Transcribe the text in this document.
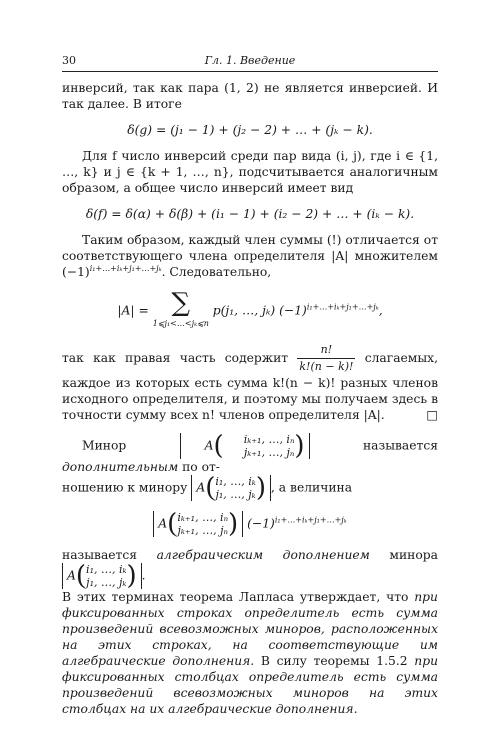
30	Гл. 1. Введение

инверсий, так как пара (1, 2) не является инверсией. И так далее. В итоге

δ(g) = (j₁ − 1) + (j₂ − 2) + … + (jₖ − k).

Для f число инверсий среди пар вида (i, j), где i ∈ {1, …, k} и j ∈ {k + 1, …, n}, подсчитывается аналогичным образом, а общее число инверсий имеет вид

δ(f) = δ(α) + δ(β) + (i₁ − 1) + (i₂ − 2) + … + (iₖ − k).

Таким образом, каждый член суммы (!) отличается от соответствующего члена определителя |A| множителем $(-1)^{i_1+\dots+i_k+j_1+\dots+j_k}$. Следовательно,

|A| = ∑
1⩽j₁<…<jₖ⩽n
p(j₁, …, jₖ) $(-1)^{i_1+\dots+i_k+j_1+\dots+j_k}$,

так как правая часть содержит $\frac{n!}{k!(n - k)!}$ слагаемых, каждое из которых есть сумма k!(n − k)! разных членов исходного определителя, и поэтому мы получаем здесь в точности сумму всех n! членов определителя |A|.	□

Минор	A(	iₖ₊₁, …, iₙ
jₖ₊₁, …, jₙ )	называется дополнительным по от-

ношению к минору A( i₁, …, iₖ
j₁, …, jₖ ) , а величина

A( iₖ₊₁, …, iₙ
jₖ₊₁, …, jₙ ) $(-1)^{i_1+\dots+i_k+j_1+\dots+j_k}$

называется алгебраическим дополнением минора A( i₁, …, iₖ
j₁, …, jₖ ) .

В этих терминах теорема Лапласа утверждает, что при фиксированных строках определитель есть сумма произведений всевозможных миноров, расположенных на этих строках, на соответствующие им алгебраические дополнения. В силу теоремы 1.5.2 при фиксированных столбцах определитель есть сумма произведений всевозможных миноров на этих столбцах на их алгебраические дополнения.
